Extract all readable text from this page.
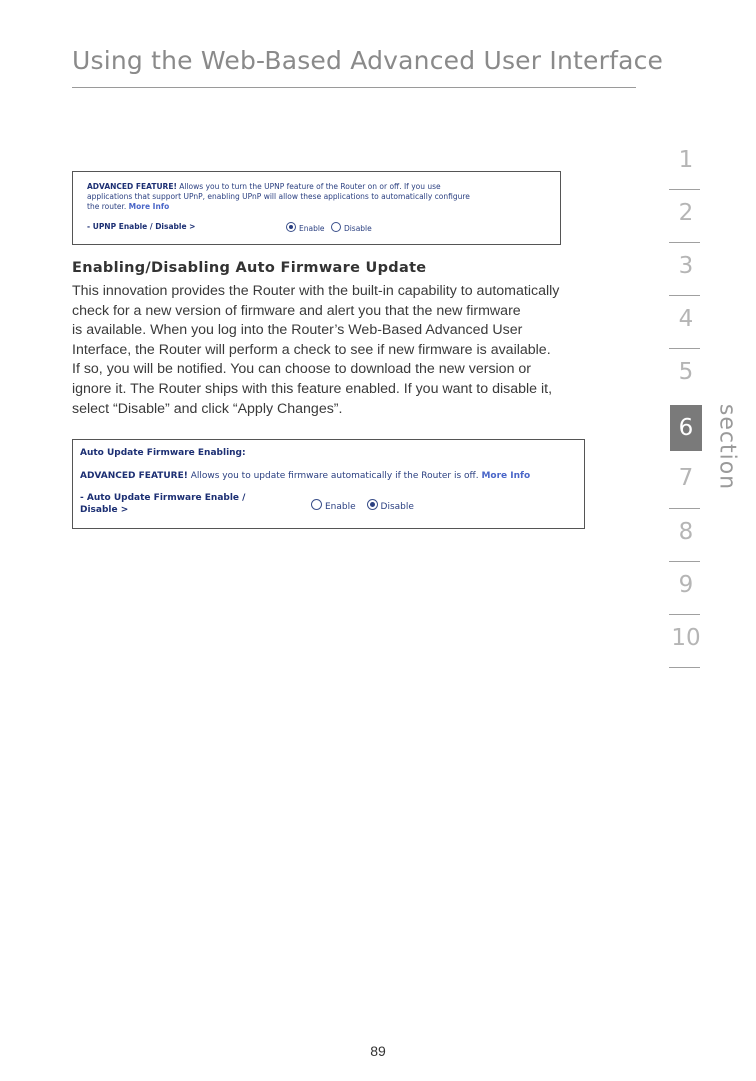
Using the Web-Based Advanced User Interface
ADVANCED FEATURE! Allows you to turn the UPNP feature of the Router on or off. If you use
applications that support UPnP, enabling UPnP will allow these applications to automatically configure
the router. More Info
- UPNP Enable / Disable >	Enable	Disable
Enabling/Disabling Auto Firmware Update
This innovation provides the Router with the built-in capability to automatically
check for a new version of firmware and alert you that the new firmware
is available. When you log into the Router’s Web-Based Advanced User
Interface, the Router will perform a check to see if new firmware is available.
If so, you will be notified. You can choose to download the new version or
ignore it. The Router ships with this feature enabled. If you want to disable it,
select “Disable” and click “Apply Changes”.
Auto Update Firmware Enabling:
ADVANCED FEATURE! Allows you to update firmware automatically if the Router is off. More Info
- Auto Update Firmware Enable /
Disable >	Enable	Disable
1
2
3
4
5
6
7
8
9
10
section
89
